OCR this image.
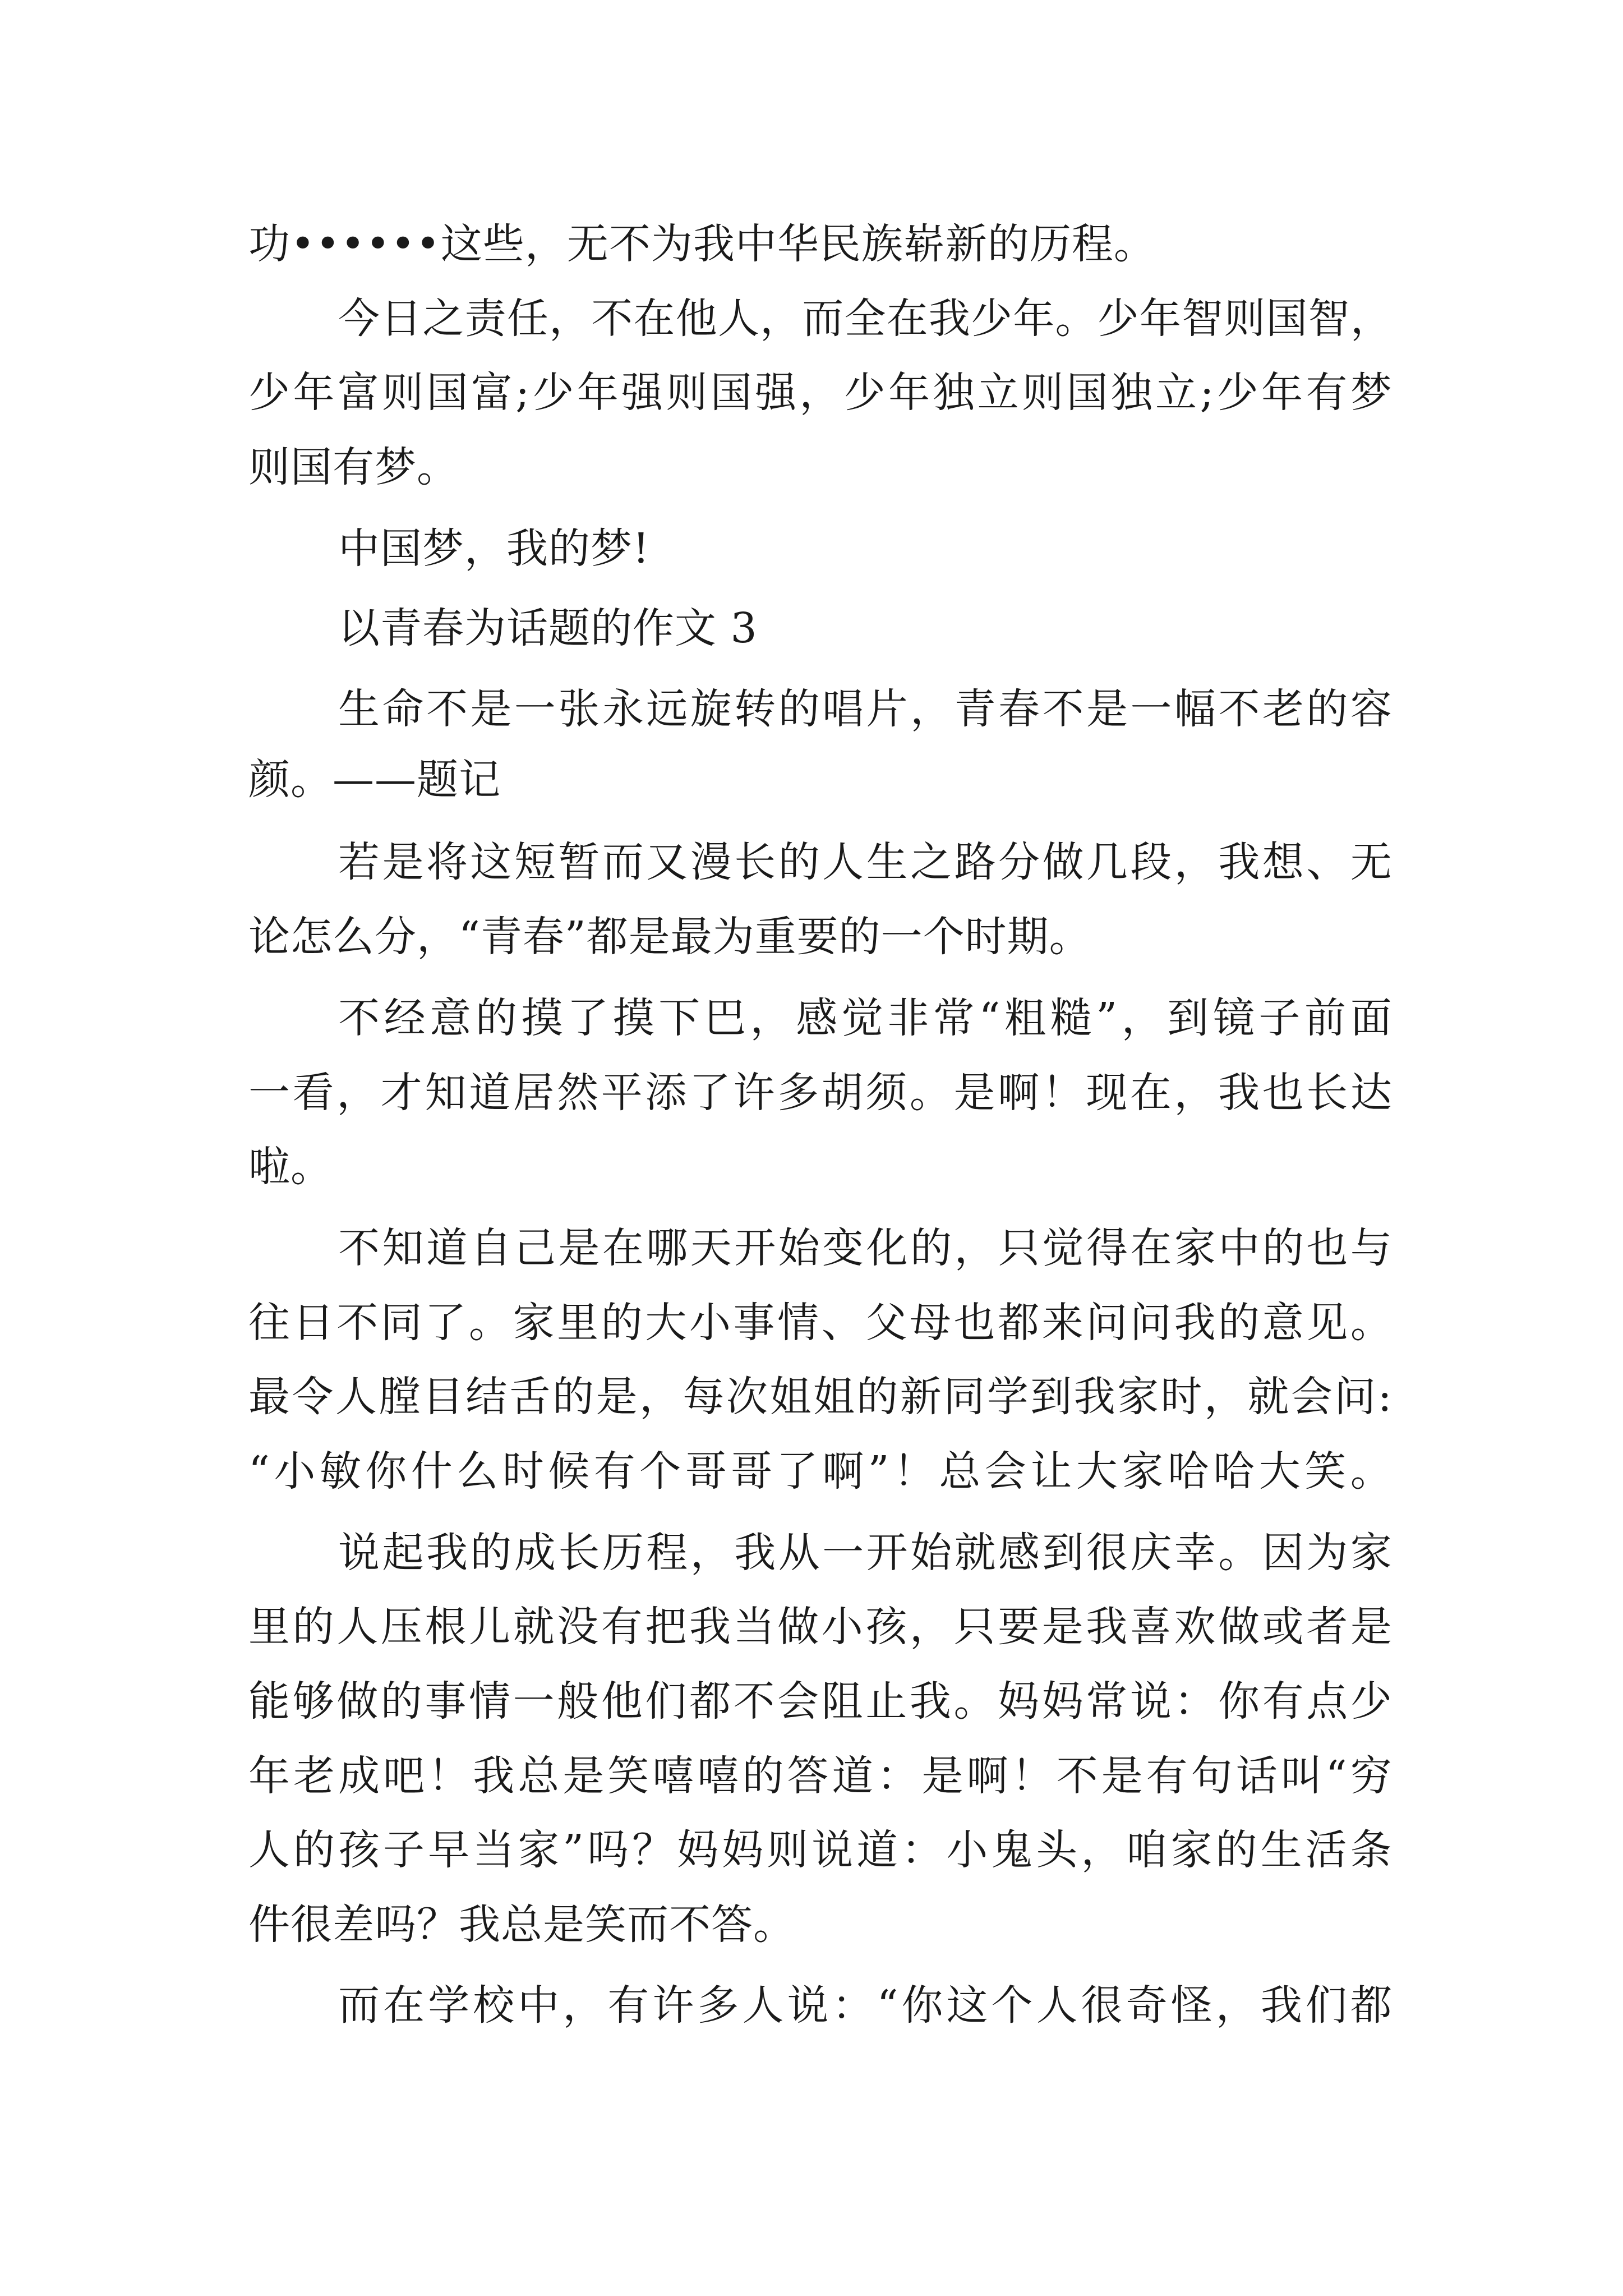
功••••••这些，无不为我中华民族崭新的历程。
今 日 之 责 任 ， 不 在 他 人 ， 而 全 在 我 少 年 。 少 年 智 则 国 智 ，
少 年 富 则 国 富 ; 少 年 强 则 国 强 ， 少 年 独 立 则 国 独 立 ; 少 年 有 梦
则国有梦。
中国梦，我的梦!
以青春为话题的作文 3
生 命 不 是 一 张 永 远 旋 转 的 唱 片 ， 青 春 不 是 一 幅 不 老 的 容
颜。——题记
若 是 将 这 短 暂 而 又 漫 长 的 人 生 之 路 分 做 几 段 ， 我 想 、 无
论怎么分，“青春”都是最为重要的一个时期。
不 经 意 的 摸 了 摸 下 巴 ， 感 觉 非 常 “ 粗 糙 ” ， 到 镜 子 前 面
一 看 ， 才 知 道 居 然 平 添 了 许 多 胡 须 。 是 啊 ！ 现 在 ， 我 也 长 达
啦。
不 知 道 自 己 是 在 哪 天 开 始 变 化 的 ， 只 觉 得 在 家 中 的 也 与
往 日 不 同 了 。 家 里 的 大 小 事 情 、 父 母 也 都 来 问 问 我 的 意 见 。
最 令 人 膛 目 结 舌 的 是 ， 每 次 姐 姐 的 新 同 学 到 我 家 时 ， 就 会 问 :
“ 小 敏 你 什 么 时 候 有 个 哥 哥 了 啊 ” ！ 总 会 让 大 家 哈 哈 大 笑 。
说 起 我 的 成 长 历 程 ， 我 从 一 开 始 就 感 到 很 庆 幸 。 因 为 家
里 的 人 压 根 儿 就 没 有 把 我 当 做 小 孩 ， 只 要 是 我 喜 欢 做 或 者 是
能 够 做 的 事 情 一 般 他 们 都 不 会 阻 止 我 。 妈 妈 常 说 ： 你 有 点 少
年 老 成 吧 ！ 我 总 是 笑 嘻 嘻 的 答 道 ： 是 啊 ！ 不 是 有 句 话 叫 “ 穷
人 的 孩 子 早 当 家 ” 吗 ？ 妈 妈 则 说 道 ： 小 鬼 头 ， 咱 家 的 生 活 条
件很差吗？我总是笑而不答。
而 在 学 校 中 ， 有 许 多 人 说 ： “ 你 这 个 人 很 奇 怪 ， 我 们 都
